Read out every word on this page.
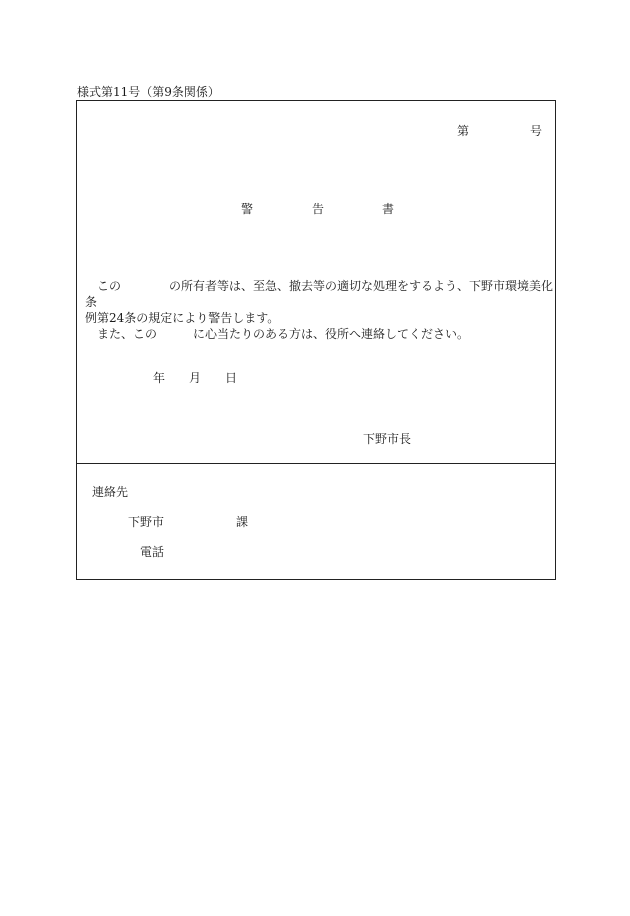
様式第11号（第9条関係）
第	号
警	告	書

この	の所有者等は、至急、撤去等の適切な処理をするよう、下野市環境美化条

例第24条の規定により警告します。

また、この	に心当たりのある方は、役所へ連絡してください。

年 月 日
下野市長
連絡先
下野市	課
電話
